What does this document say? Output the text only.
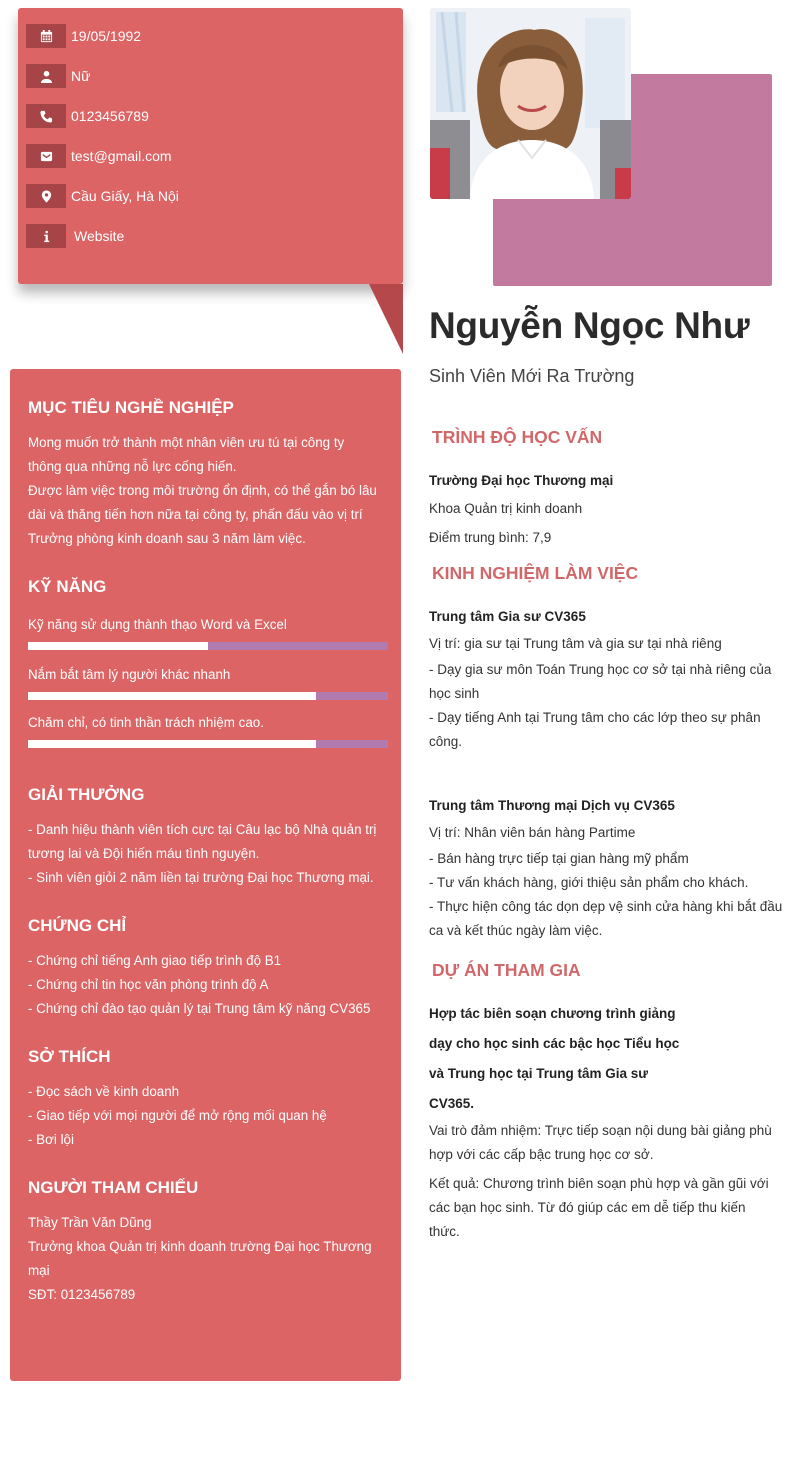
19/05/1992
Nữ
0123456789
test@gmail.com
Cầu Giấy, Hà Nội
Website
Nguyễn Ngọc Như
Sinh Viên Mới Ra Trường
MỤC TIÊU NGHỀ NGHIỆP

Mong muốn trở thành một nhân viên ưu tú tại công ty
thông qua những nỗ lực cống hiến.
Được làm việc trong môi trường ổn định, có thể gắn bó lâu
dài và thăng tiến hơn nữa tại công ty, phấn đấu vào vị trí
Trưởng phòng kinh doanh sau 3 năm làm việc.

KỸ NĂNG
Kỹ năng sử dụng thành thạo Word và Excel
Nắm bắt tâm lý người khác nhanh
Chăm chỉ, có tinh thần trách nhiệm cao.
GIẢI THƯỞNG

- Danh hiệu thành viên tích cực tại Câu lạc bộ Nhà quản trị
tương lai và Đội hiến máu tình nguyện.
- Sinh viên giỏi 2 năm liền tại trường Đại học Thương mại.

CHỨNG CHỈ

- Chứng chỉ tiếng Anh giao tiếp trình độ B1
- Chứng chỉ tin học văn phòng trình độ A
- Chứng chỉ đào tạo quản lý tại Trung tâm kỹ năng CV365

SỞ THÍCH

- Đọc sách về kinh doanh
- Giao tiếp với mọi người để mở rộng mối quan hệ
- Bơi lội

NGƯỜI THAM CHIẾU

Thầy Trần Văn Dũng
Trưởng khoa Quản trị kinh doanh trường Đại học Thương
mại
SĐT: 0123456789

TRÌNH ĐỘ HỌC VẤN

Trường Đại học Thương mại

Khoa Quản trị kinh doanh

Điểm trung bình: 7,9

KINH NGHIỆM LÀM VIỆC

Trung tâm Gia sư CV365

Vị trí: gia sư tại Trung tâm và gia sư tại nhà riêng

- Dạy gia sư môn Toán Trung học cơ sở tại nhà riêng của
học sinh
- Dạy tiếng Anh tại Trung tâm cho các lớp theo sự phân
công.

Trung tâm Thương mại Dịch vụ CV365

Vị trí: Nhân viên bán hàng Partime

- Bán hàng trực tiếp tại gian hàng mỹ phẩm
- Tư vấn khách hàng, giới thiệu sản phẩm cho khách.
- Thực hiện công tác dọn dẹp vệ sinh cửa hàng khi bắt đầu
ca và kết thúc ngày làm việc.

DỰ ÁN THAM GIA

Hợp tác biên soạn chương trình giảng
dạy cho học sinh các bậc học Tiểu học
và Trung học tại Trung tâm Gia sư
CV365.

Vai trò đảm nhiệm: Trực tiếp soạn nội dung bài giảng phù
hợp với các cấp bậc trung học cơ sở.

Kết quả: Chương trình biên soạn phù hợp và gần gũi với
các bạn học sinh. Từ đó giúp các em dễ tiếp thu kiến
thức.
